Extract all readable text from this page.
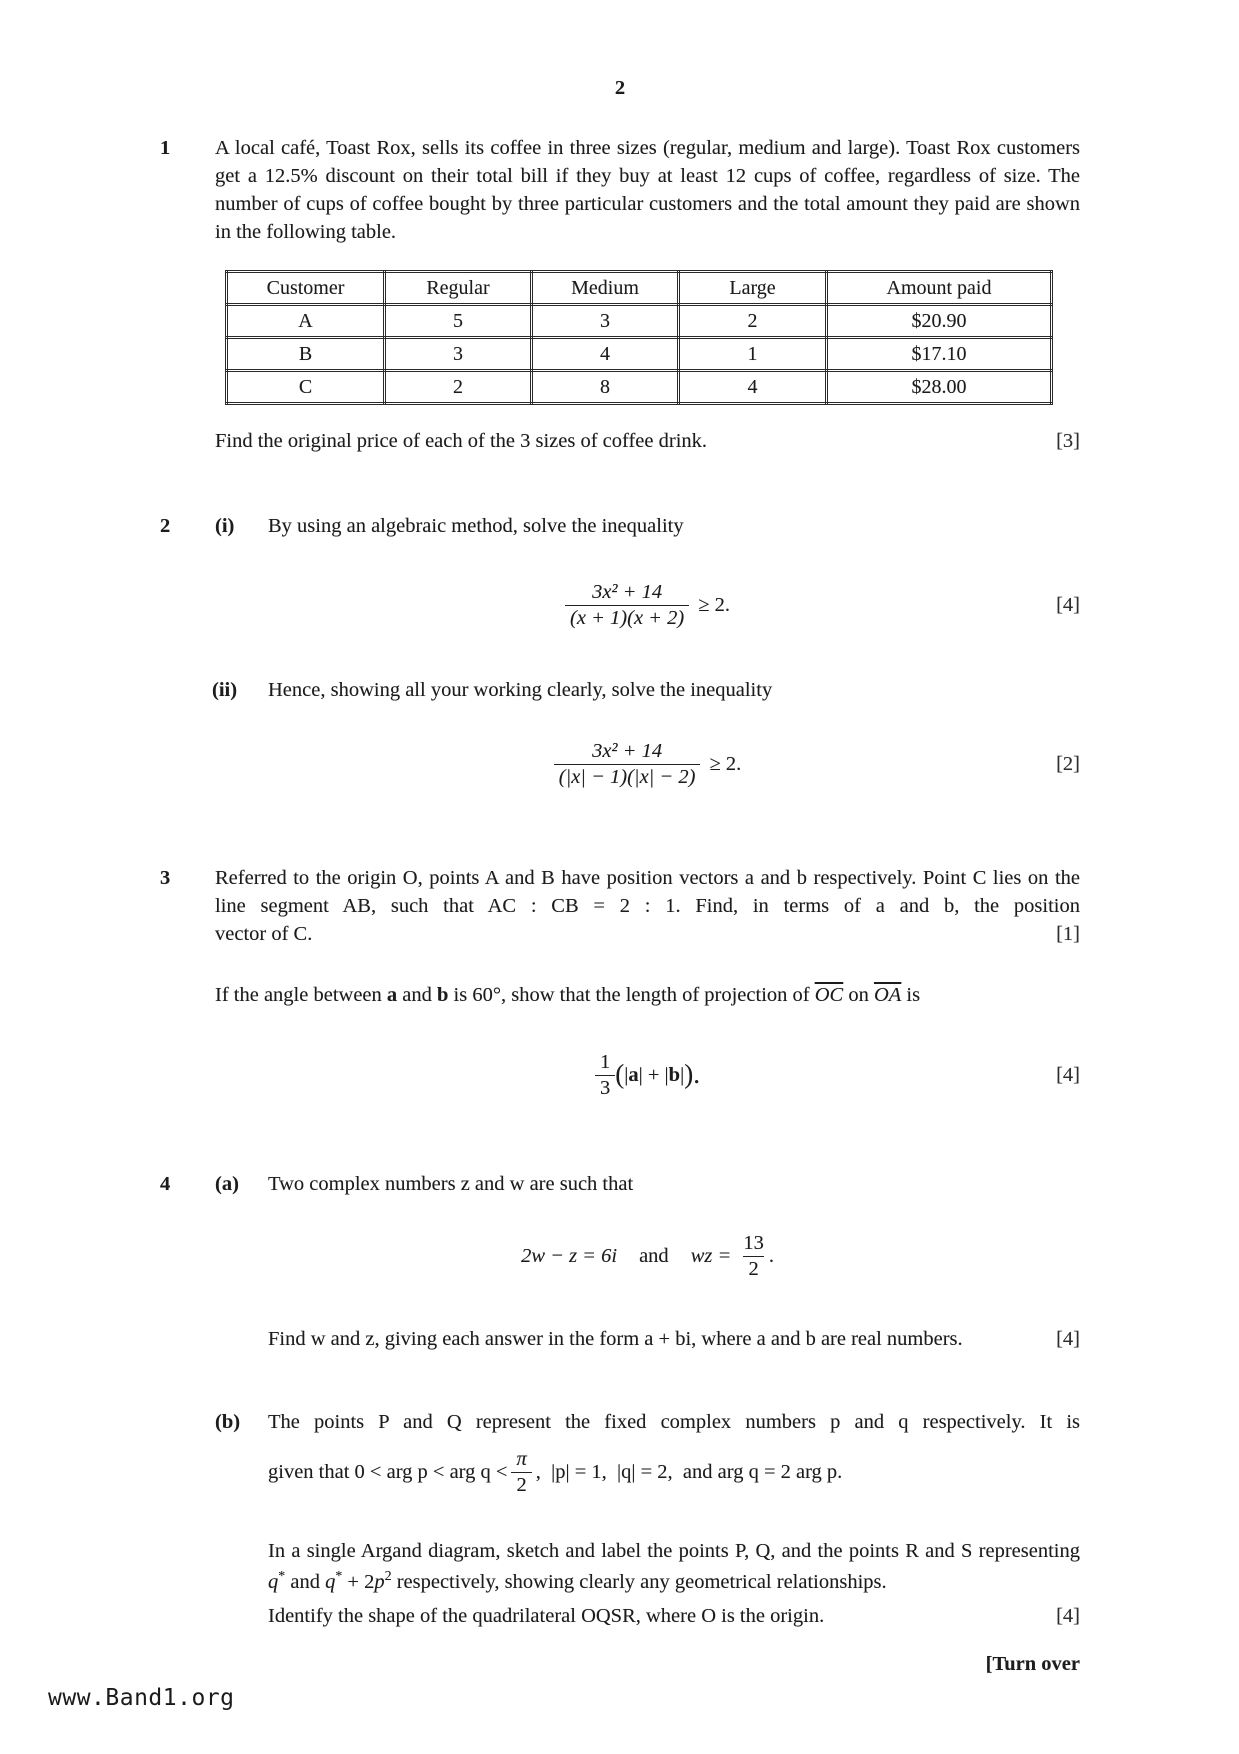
2
1	A local café, Toast Rox, sells its coffee in three sizes (regular, medium and large). Toast Rox customers get a 12.5% discount on their total bill if they buy at least 12 cups of coffee, regardless of size. The number of cups of coffee bought by three particular customers and the total amount they paid are shown in the following table.
Customer	Regular	Medium	Large	Amount paid
A	5	3	2	$20.90
B	3	4	1	$17.10
C	2	8	4	$28.00
Find the original price of each of the 3 sizes of coffee drink.	[3]
2	(i)	By using an algebraic method, solve the inequality
$\frac{\text{3x² + 14}}{(x + 1)(x + 2)} \ge 2$.	[4]
(ii)	Hence, showing all your working clearly, solve the inequality
$\frac{\text{3x² + 14}}{(|x| - 1)(|x| - 2)} \ge 2$.	[2]
3	Referred to the origin O, points A and B have position vectors a and b respectively. Point C lies on the line segment AB, such that AC : CB = 2 : 1. Find, in terms of a and b, the position
vector of C.	[1]
If the angle between a and b is 60°, show that the length of projection of $\overline{OC}$ on $\overline{OA}$ is
$\frac{1}{3}$ ( | a | + | b | ).	[4]
4	(a)	Two complex numbers z and w are such that
2w − z = 6i and wz = $\frac{13}{2}$ .
Find w and z, giving each answer in the form a + bi, where a and b are real numbers.	[4]
(b)	The points P and Q represent the fixed complex numbers p and q respectively. It is
given that 0 < arg p < arg $q < \frac{\pi}{2}$ ,  |p| = 1,  |q| = 2,  and arg q = 2 arg p.
In a single Argand diagram, sketch and label the points P, Q, and the points R and S representing q* and $q^* + 2p^2$ respectively, showing clearly any geometrical relationships.
Identify the shape of the quadrilateral OQSR, where O is the origin.	[4]
[Turn over
www.Band1.org
